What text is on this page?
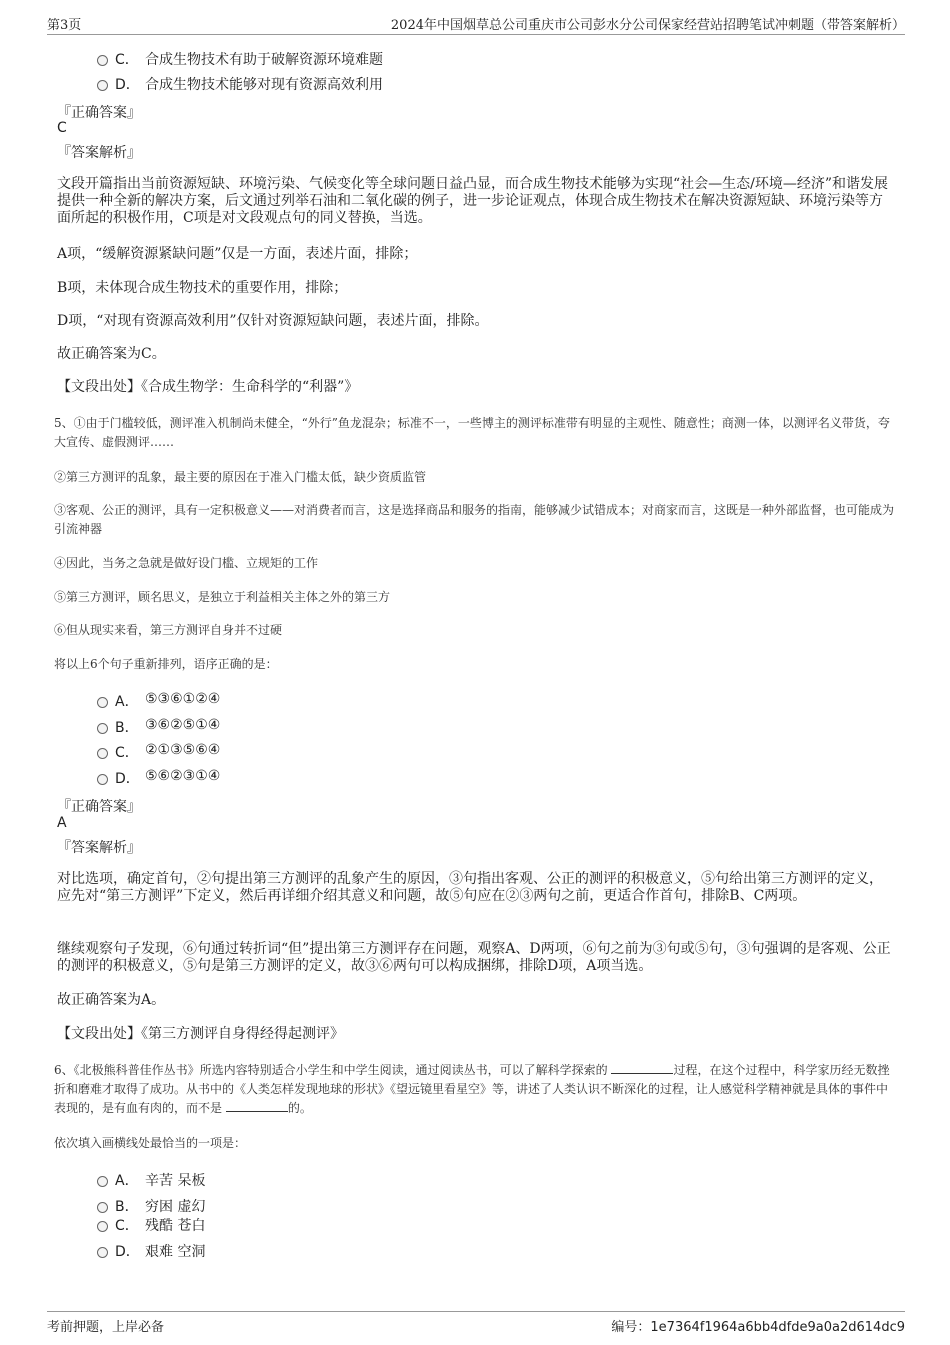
第3页	2024年中国烟草总公司重庆市公司彭水分公司保家经营站招聘笔试冲刺题（带答案解析）
C． 合成生物技术有助于破解资源环境难题
D． 合成生物技术能够对现有资源高效利用
『正确答案』
C
『答案解析』
文段开篇指出当前资源短缺、环境污染、气候变化等全球问题日益凸显，而合成生物技术能够为实现“社会—生态/环境—经济”和谐发展提供一种全新的解决方案，后文通过列举石油和二氧化碳的例子，进一步论证观点，体现合成生物技术在解决资源短缺、环境污染等方面所起的积极作用，C项是对文段观点句的同义替换，当选。
A项，“缓解资源紧缺问题”仅是一方面，表述片面，排除；
B项，未体现合成生物技术的重要作用，排除；
D项，“对现有资源高效利用”仅针对资源短缺问题，表述片面，排除。
故正确答案为C。
【文段出处】《合成生物学：生命科学的“利器”》
5、①由于门槛较低，测评准入机制尚未健全，“外行”鱼龙混杂；标准不一，一些博主的测评标准带有明显的主观性、随意性；商测一体，以测评名义带货，夸大宣传、虚假测评……
②第三方测评的乱象，最主要的原因在于准入门槛太低，缺少资质监管
③客观、公正的测评，具有一定积极意义——对消费者而言，这是选择商品和服务的指南，能够减少试错成本；对商家而言，这既是一种外部监督，也可能成为引流神器
④因此，当务之急就是做好设门槛、立规矩的工作
⑤第三方测评，顾名思义，是独立于利益相关主体之外的第三方
⑥但从现实来看，第三方测评自身并不过硬
将以上6个句子重新排列，语序正确的是：
A． ⑤③⑥①②④
B． ③⑥②⑤①④
C． ②①③⑤⑥④
D． ⑤⑥②③①④
『正确答案』
A
『答案解析』
对比选项，确定首句，②句提出第三方测评的乱象产生的原因，③句指出客观、公正的测评的积极意义，⑤句给出第三方测评的定义，应先对“第三方测评”下定义，然后再详细介绍其意义和问题，故⑤句应在②③两句之前，更适合作首句，排除B、C两项。
继续观察句子发现，⑥句通过转折词“但”提出第三方测评存在问题，观察A、D两项，⑥句之前为③句或⑤句，③句强调的是客观、公正的测评的积极意义，⑤句是第三方测评的定义，故③⑥两句可以构成捆绑，排除D项，A项当选。
故正确答案为A。
【文段出处】《第三方测评自身得经得起测评》
6、《北极熊科普佳作丛书》所选内容特别适合小学生和中学生阅读，通过阅读丛书，可以了解科学探索的	过程，在这个过程中，科学家历经无数挫折和磨难才取得了成功。从书中的《人类怎样发现地球的形状》《望远镜里看星空》等，讲述了人类认识不断深化的过程，让人感觉科学精神就是具体的事件中表现的，是有血有肉的，而不是	的。
依次填入画横线处最恰当的一项是：
A． 辛苦 呆板
B． 穷困 虚幻
C． 残酷 苍白
D． 艰难 空洞
考前押题，上岸必备	编号：1e7364f1964a6bb4dfde9a0a2d614dc9
